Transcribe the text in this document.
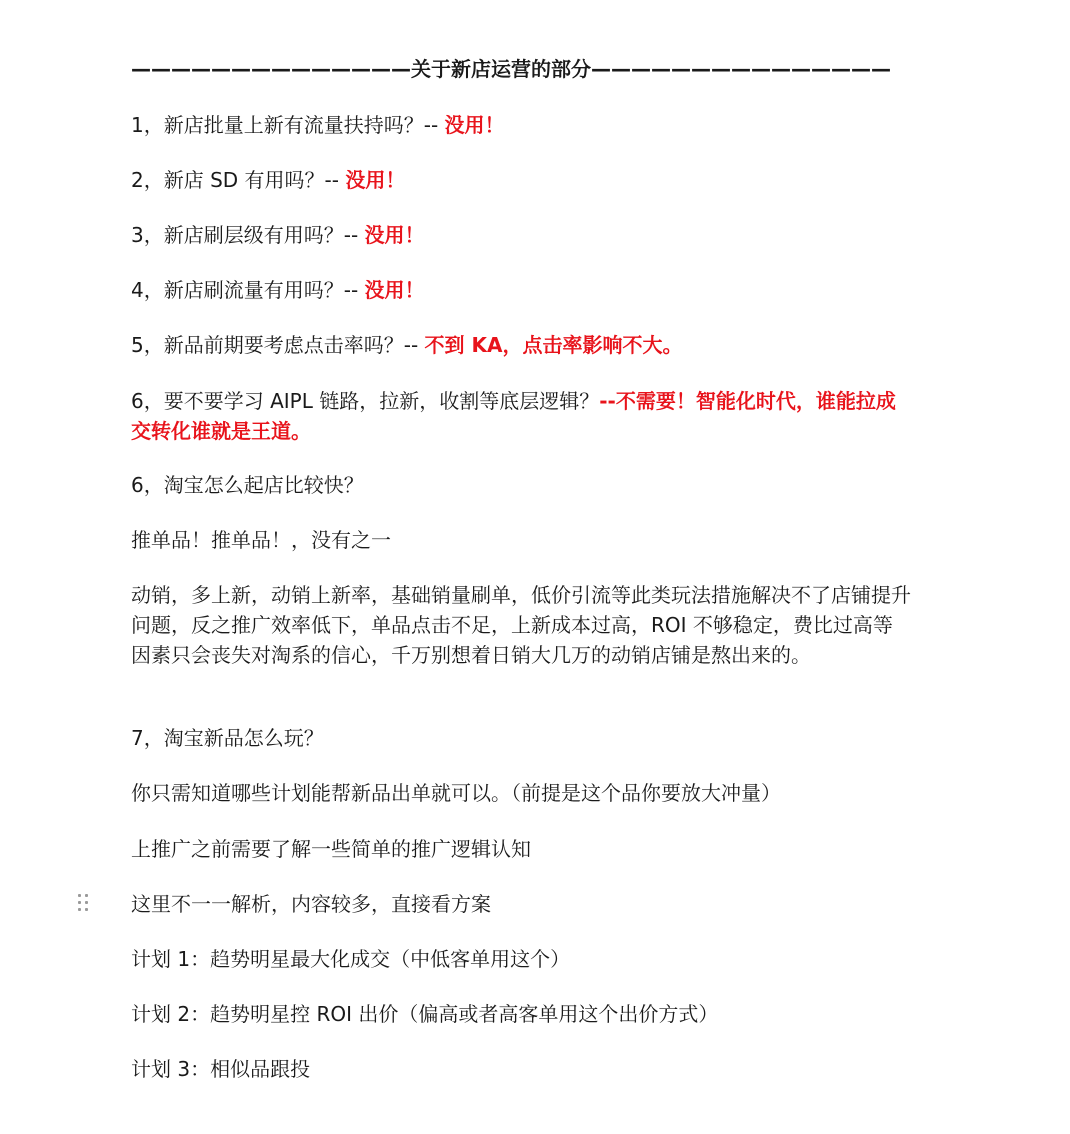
——————————————关于新店运营的部分———————————————
1，新店批量上新有流量扶持吗？-- 没用！
2，新店 SD 有用吗？-- 没用！
3，新店刷层级有用吗？-- 没用！
4，新店刷流量有用吗？-- 没用！
5，新品前期要考虑点击率吗？-- 不到 KA，点击率影响不大。
6，要不要学习 AIPL 链路，拉新，收割等底层逻辑？--不需要！智能化时代，谁能拉成交转化谁就是王道。
6，淘宝怎么起店比较快？
推单品！推单品！，没有之一
动销，多上新，动销上新率，基础销量刷单，低价引流等此类玩法措施解决不了店铺提升问题，反之推广效率低下，单品点击不足，上新成本过高，ROI 不够稳定，费比过高等因素只会丧失对淘系的信心，千万别想着日销大几万的动销店铺是熬出来的。
7，淘宝新品怎么玩？
你只需知道哪些计划能帮新品出单就可以。（前提是这个品你要放大冲量）
上推广之前需要了解一些简单的推广逻辑认知
这里不一一解析，内容较多，直接看方案
计划 1：趋势明星最大化成交（中低客单用这个）
计划 2：趋势明星控 ROI 出价（偏高或者高客单用这个出价方式）
计划 3：相似品跟投
